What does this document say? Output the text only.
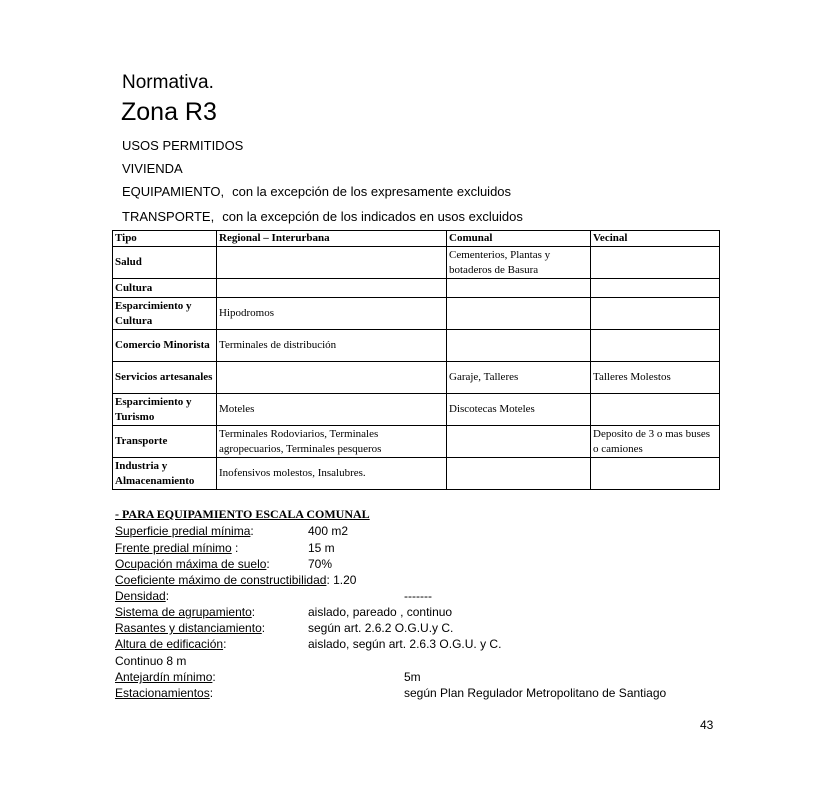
Normativa.
Zona R3
USOS PERMITIDOS
VIVIENDA
EQUIPAMIENTO, con la excepción de los expresamente excluidos
TRANSPORTE, con la excepción de los indicados en usos excluidos
Tipo	Regional – Interurbana	Comunal	Vecinal
Salud		Cementerios, Plantas y botaderos de Basura	
Cultura			
Esparcimiento y Cultura	Hipodromos		
Comercio Minorista	Terminales de distribución		
Servicios artesanales		Garaje, Talleres	Talleres Molestos
Esparcimiento y Turismo	Moteles	Discotecas Moteles	
Transporte	Terminales Rodoviarios, Terminales agropecuarios, Terminales pesqueros		Deposito de 3 o mas buses o camiones
Industria y Almacenamiento	Inofensivos molestos, Insalubres.		
- PARA EQUIPAMIENTO ESCALA COMUNAL
Superficie predial mínima:	400 m2
Frente predial mínimo :	15 m
Ocupación máxima de suelo:	70%
Coeficiente máximo de constructibilidad: 1.20
Densidad:	-------
Sistema de agrupamiento:	aislado, pareado , continuo
Rasantes y distanciamiento:	según art. 2.6.2 O.G.U.y C.
Altura de edificación:	aislado, según art. 2.6.3 O.G.U. y C.
Continuo 8 m
Antejardín mínimo:	5m
Estacionamientos:	según Plan Regulador Metropolitano de Santiago
43
